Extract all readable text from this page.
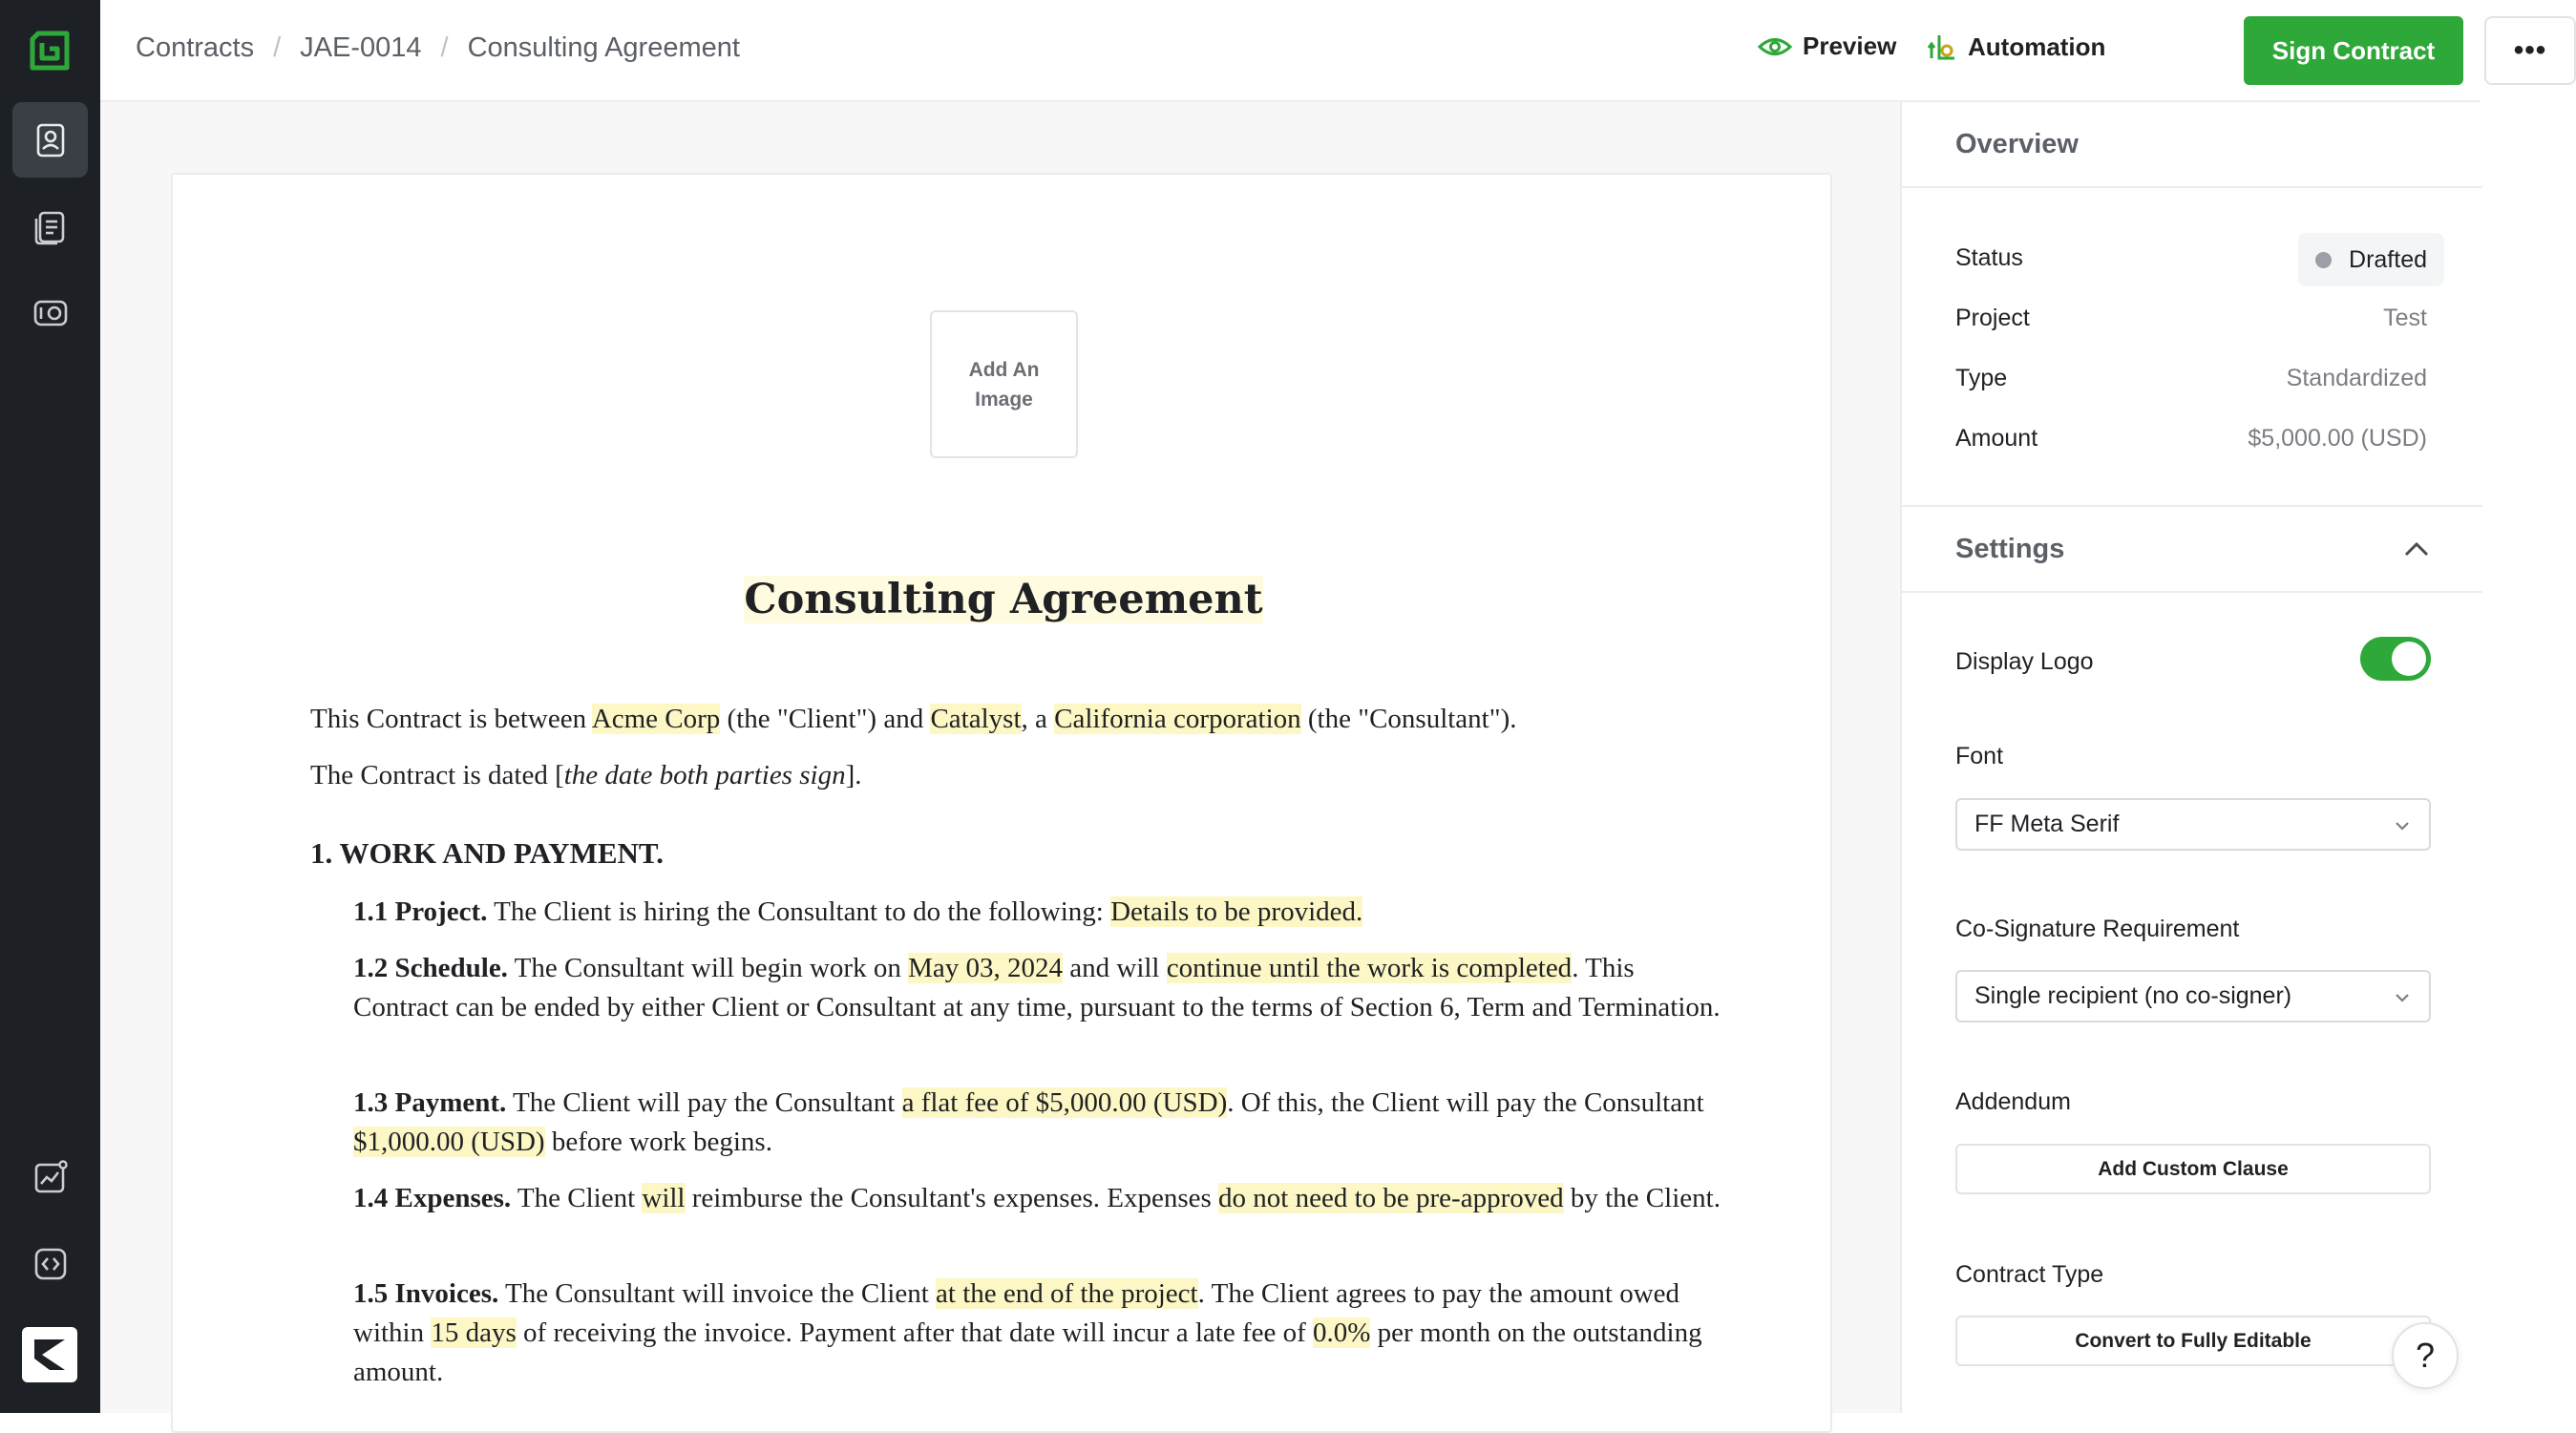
Contracts / JAE-0014 / Consulting Agreement	Preview	Automation	Sign Contract	•••
Add An
Image
Consulting Agreement
This Contract is between Acme Corp (the "Client") and Catalyst, a California corporation (the "Consultant").
The Contract is dated [the date both parties sign].
1. WORK AND PAYMENT.
1.1 Project. The Client is hiring the Consultant to do the following: Details to be provided.
1.2 Schedule. The Consultant will begin work on May 03, 2024 and will continue until the work is completed. This Contract can be ended by either Client or Consultant at any time, pursuant to the terms of Section 6, Term and Termination.
1.3 Payment. The Client will pay the Consultant a flat fee of $5,000.00 (USD). Of this, the Client will pay the Consultant $1,000.00 (USD) before work begins.
1.4 Expenses. The Client will reimburse the Consultant's expenses. Expenses do not need to be pre-approved by the Client.
1.5 Invoices. The Consultant will invoice the Client at the end of the project. The Client agrees to pay the amount owed within 15 days of receiving the invoice. Payment after that date will incur a late fee of 0.0% per month on the outstanding amount.
Overview
Status	Drafted
Project	Test
Type	Standardized
Amount	$5,000.00 (USD)
Settings
Display Logo
Font
FF Meta Serif
Co-Signature Requirement
Single recipient (no co-signer)
Addendum
Add Custom Clause
Contract Type
Convert to Fully Editable	?
